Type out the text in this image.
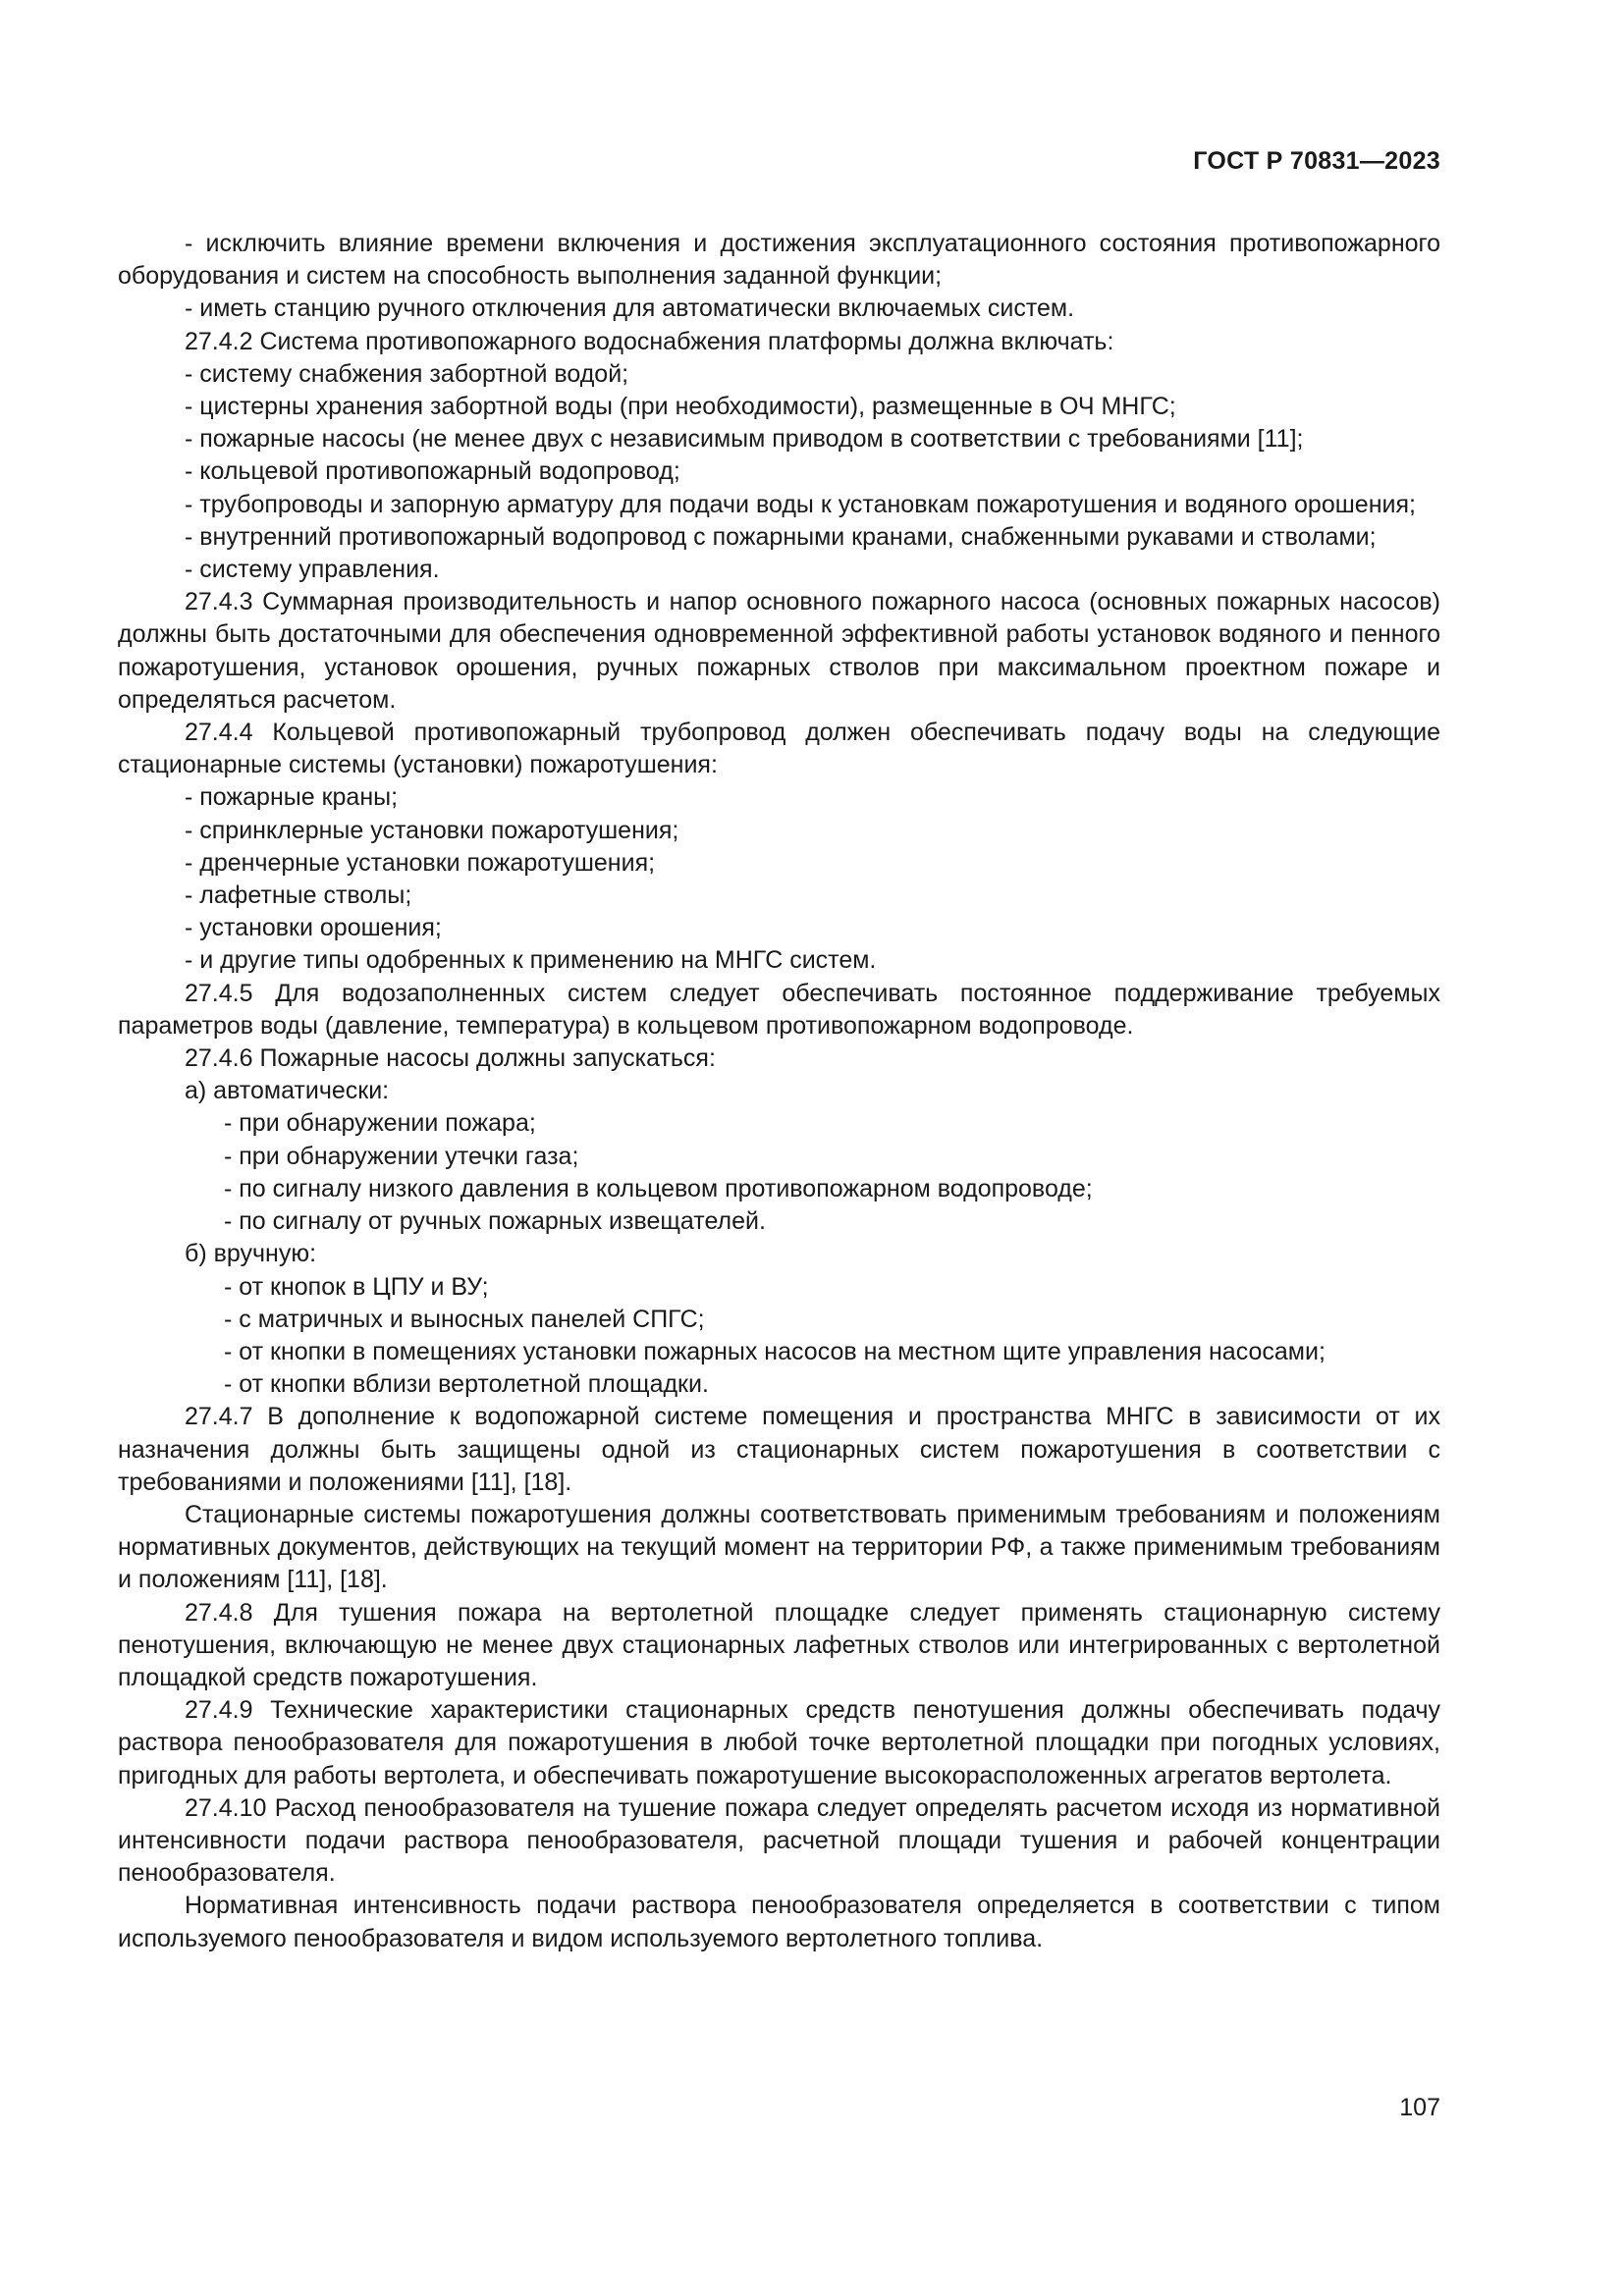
ГОСТ Р 70831—2023

- исключить влияние времени включения и достижения эксплуатационного состояния противопожарного оборудования и систем на способность выполнения заданной функции;

- иметь станцию ручного отключения для автоматически включаемых систем.

27.4.2 Система противопожарного водоснабжения платформы должна включать:

- систему снабжения забортной водой;

- цистерны хранения забортной воды (при необходимости), размещенные в ОЧ МНГС;

- пожарные насосы (не менее двух с независимым приводом в соответствии с требованиями [11];

- кольцевой противопожарный водопровод;

- трубопроводы и запорную арматуру для подачи воды к установкам пожаротушения и водяного орошения;

- внутренний противопожарный водопровод с пожарными кранами, снабженными рукавами и стволами;

- систему управления.

27.4.3 Суммарная производительность и напор основного пожарного насоса (основных пожарных насосов) должны быть достаточными для обеспечения одновременной эффективной работы установок водяного и пенного пожаротушения, установок орошения, ручных пожарных стволов при максимальном проектном пожаре и определяться расчетом.

27.4.4 Кольцевой противопожарный трубопровод должен обеспечивать подачу воды на следующие стационарные системы (установки) пожаротушения:

- пожарные краны;

- спринклерные установки пожаротушения;

- дренчерные установки пожаротушения;

- лафетные стволы;

- установки орошения;

- и другие типы одобренных к применению на МНГС систем.

27.4.5 Для водозаполненных систем следует обеспечивать постоянное поддерживание требуемых параметров воды (давление, температура) в кольцевом противопожарном водопроводе.

27.4.6 Пожарные насосы должны запускаться:

а) автоматически:

- при обнаружении пожара;

- при обнаружении утечки газа;

- по сигналу низкого давления в кольцевом противопожарном водопроводе;

- по сигналу от ручных пожарных извещателей.

б) вручную:

- от кнопок в ЦПУ и ВУ;

- с матричных и выносных панелей СПГС;

- от кнопки в помещениях установки пожарных насосов на местном щите управления насосами;

- от кнопки вблизи вертолетной площадки.

27.4.7 В дополнение к водопожарной системе помещения и пространства МНГС в зависимости от их назначения должны быть защищены одной из стационарных систем пожаротушения в соответствии с требованиями и положениями [11], [18].

Стационарные системы пожаротушения должны соответствовать применимым требованиям и положениям нормативных документов, действующих на текущий момент на территории РФ, а также применимым требованиям и положениям [11], [18].

27.4.8 Для тушения пожара на вертолетной площадке следует применять стационарную систему пенотушения, включающую не менее двух стационарных лафетных стволов или интегрированных с вертолетной площадкой средств пожаротушения.

27.4.9 Технические характеристики стационарных средств пенотушения должны обеспечивать подачу раствора пенообразователя для пожаротушения в любой точке вертолетной площадки при погодных условиях, пригодных для работы вертолета, и обеспечивать пожаротушение высокорасположенных агрегатов вертолета.

27.4.10 Расход пенообразователя на тушение пожара следует определять расчетом исходя из нормативной интенсивности подачи раствора пенообразователя, расчетной площади тушения и рабочей концентрации пенообразователя.

Нормативная интенсивность подачи раствора пенообразователя определяется в соответствии с типом используемого пенообразователя и видом используемого вертолетного топлива.

107
